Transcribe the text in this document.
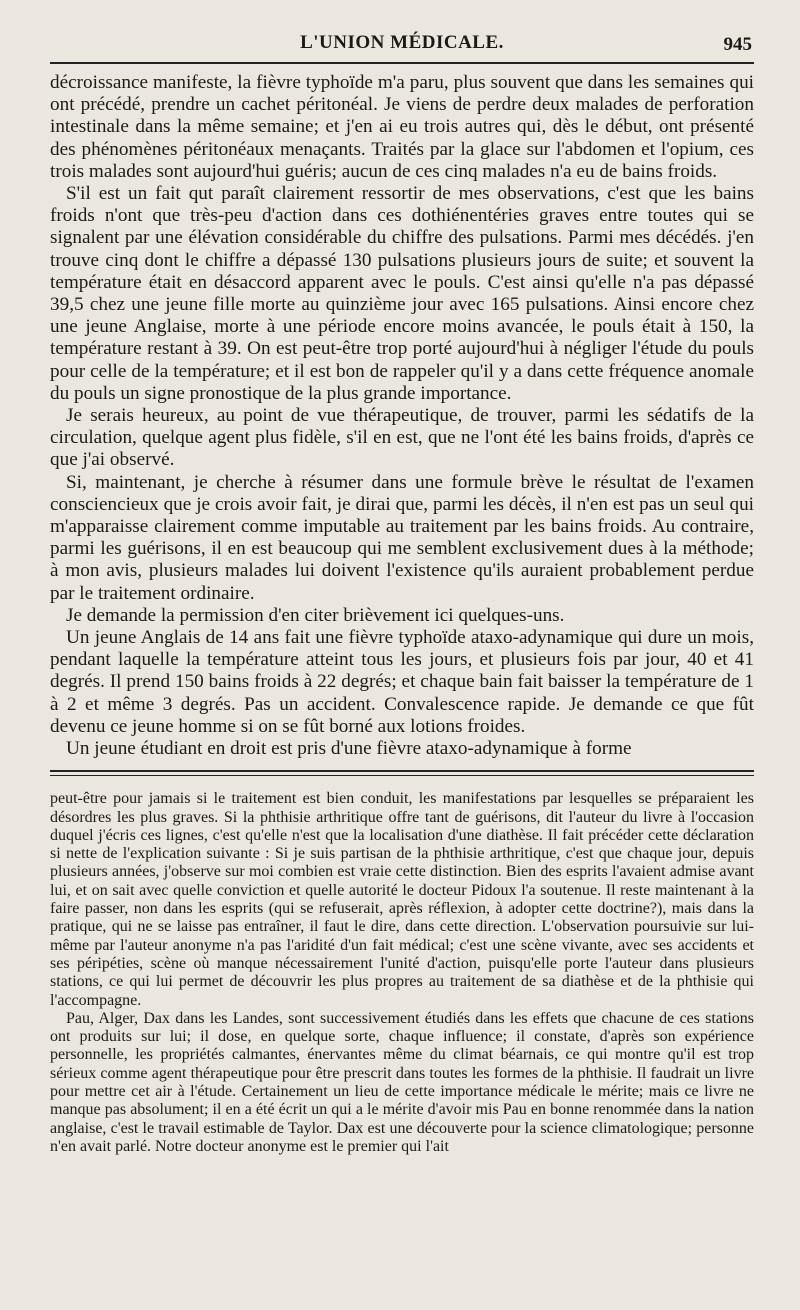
L'UNION MÉDICALE.	945

décroissance manifeste, la fièvre typhoïde m'a paru, plus souvent que dans les semaines qui ont précédé, prendre un cachet péritonéal. Je viens de perdre deux malades de perforation intestinale dans la même semaine; et j'en ai eu trois autres qui, dès le début, ont présenté des phénomènes péritonéaux menaçants. Traités par la glace sur l'abdomen et l'opium, ces trois malades sont aujourd'hui guéris; aucun de ces cinq malades n'a eu de bains froids.

S'il est un fait qut paraît clairement ressortir de mes observations, c'est que les bains froids n'ont que très-peu d'action dans ces dothiénentéries graves entre toutes qui se signalent par une élévation considérable du chiffre des pulsations. Parmi mes décédés. j'en trouve cinq dont le chiffre a dépassé 130 pulsations plusieurs jours de suite; et souvent la température était en désaccord apparent avec le pouls. C'est ainsi qu'elle n'a pas dépassé 39,5 chez une jeune fille morte au quinzième jour avec 165 pulsations. Ainsi encore chez une jeune Anglaise, morte à une période encore moins avancée, le pouls était à 150, la température restant à 39. On est peut-être trop porté aujourd'hui à négliger l'étude du pouls pour celle de la température; et il est bon de rappeler qu'il y a dans cette fréquence anomale du pouls un signe pronostique de la plus grande importance.

Je serais heureux, au point de vue thérapeutique, de trouver, parmi les sédatifs de la circulation, quelque agent plus fidèle, s'il en est, que ne l'ont été les bains froids, d'après ce que j'ai observé.

Si, maintenant, je cherche à résumer dans une formule brève le résultat de l'examen consciencieux que je crois avoir fait, je dirai que, parmi les décès, il n'en est pas un seul qui m'apparaisse clairement comme imputable au traitement par les bains froids. Au contraire, parmi les guérisons, il en est beaucoup qui me semblent exclusivement dues à la méthode; à mon avis, plusieurs malades lui doivent l'existence qu'ils auraient probablement perdue par le traitement ordinaire.

Je demande la permission d'en citer brièvement ici quelques-uns.

Un jeune Anglais de 14 ans fait une fièvre typhoïde ataxo-adynamique qui dure un mois, pendant laquelle la température atteint tous les jours, et plusieurs fois par jour, 40 et 41 degrés. Il prend 150 bains froids à 22 degrés; et chaque bain fait baisser la température de 1 à 2 et même 3 degrés. Pas un accident. Convalescence rapide. Je demande ce que fût devenu ce jeune homme si on se fût borné aux lotions froides.

Un jeune étudiant en droit est pris d'une fièvre ataxo-adynamique à forme

peut-être pour jamais si le traitement est bien conduit, les manifestations par lesquelles se préparaient les désordres les plus graves. Si la phthisie arthritique offre tant de guérisons, dit l'auteur du livre à l'occasion duquel j'écris ces lignes, c'est qu'elle n'est que la localisation d'une diathèse. Il fait précéder cette déclaration si nette de l'explication suivante : Si je suis partisan de la phthisie arthritique, c'est que chaque jour, depuis plusieurs années, j'observe sur moi combien est vraie cette distinction. Bien des esprits l'avaient admise avant lui, et on sait avec quelle conviction et quelle autorité le docteur Pidoux l'a soutenue. Il reste maintenant à la faire passer, non dans les esprits (qui se refuserait, après réflexion, à adopter cette doctrine?), mais dans la pratique, qui ne se laisse pas entraîner, il faut le dire, dans cette direction. L'observation poursuivie sur lui-même par l'auteur anonyme n'a pas l'aridité d'un fait médical; c'est une scène vivante, avec ses accidents et ses péripéties, scène où manque nécessairement l'unité d'action, puisqu'elle porte l'auteur dans plusieurs stations, ce qui lui permet de découvrir les plus propres au traitement de sa diathèse et de la phthisie qui l'accompagne.

Pau, Alger, Dax dans les Landes, sont successivement étudiés dans les effets que chacune de ces stations ont produits sur lui; il dose, en quelque sorte, chaque influence; il constate, d'après son expérience personnelle, les propriétés calmantes, énervantes même du climat béarnais, ce qui montre qu'il est trop sérieux comme agent thérapeutique pour être prescrit dans toutes les formes de la phthisie. Il faudrait un livre pour mettre cet air à l'étude. Certainement un lieu de cette importance médicale le mérite; mais ce livre ne manque pas absolument; il en a été écrit un qui a le mérite d'avoir mis Pau en bonne renommée dans la nation anglaise, c'est le travail estimable de Taylor. Dax est une découverte pour la science climatologique; personne n'en avait parlé. Notre docteur anonyme est le premier qui l'ait
